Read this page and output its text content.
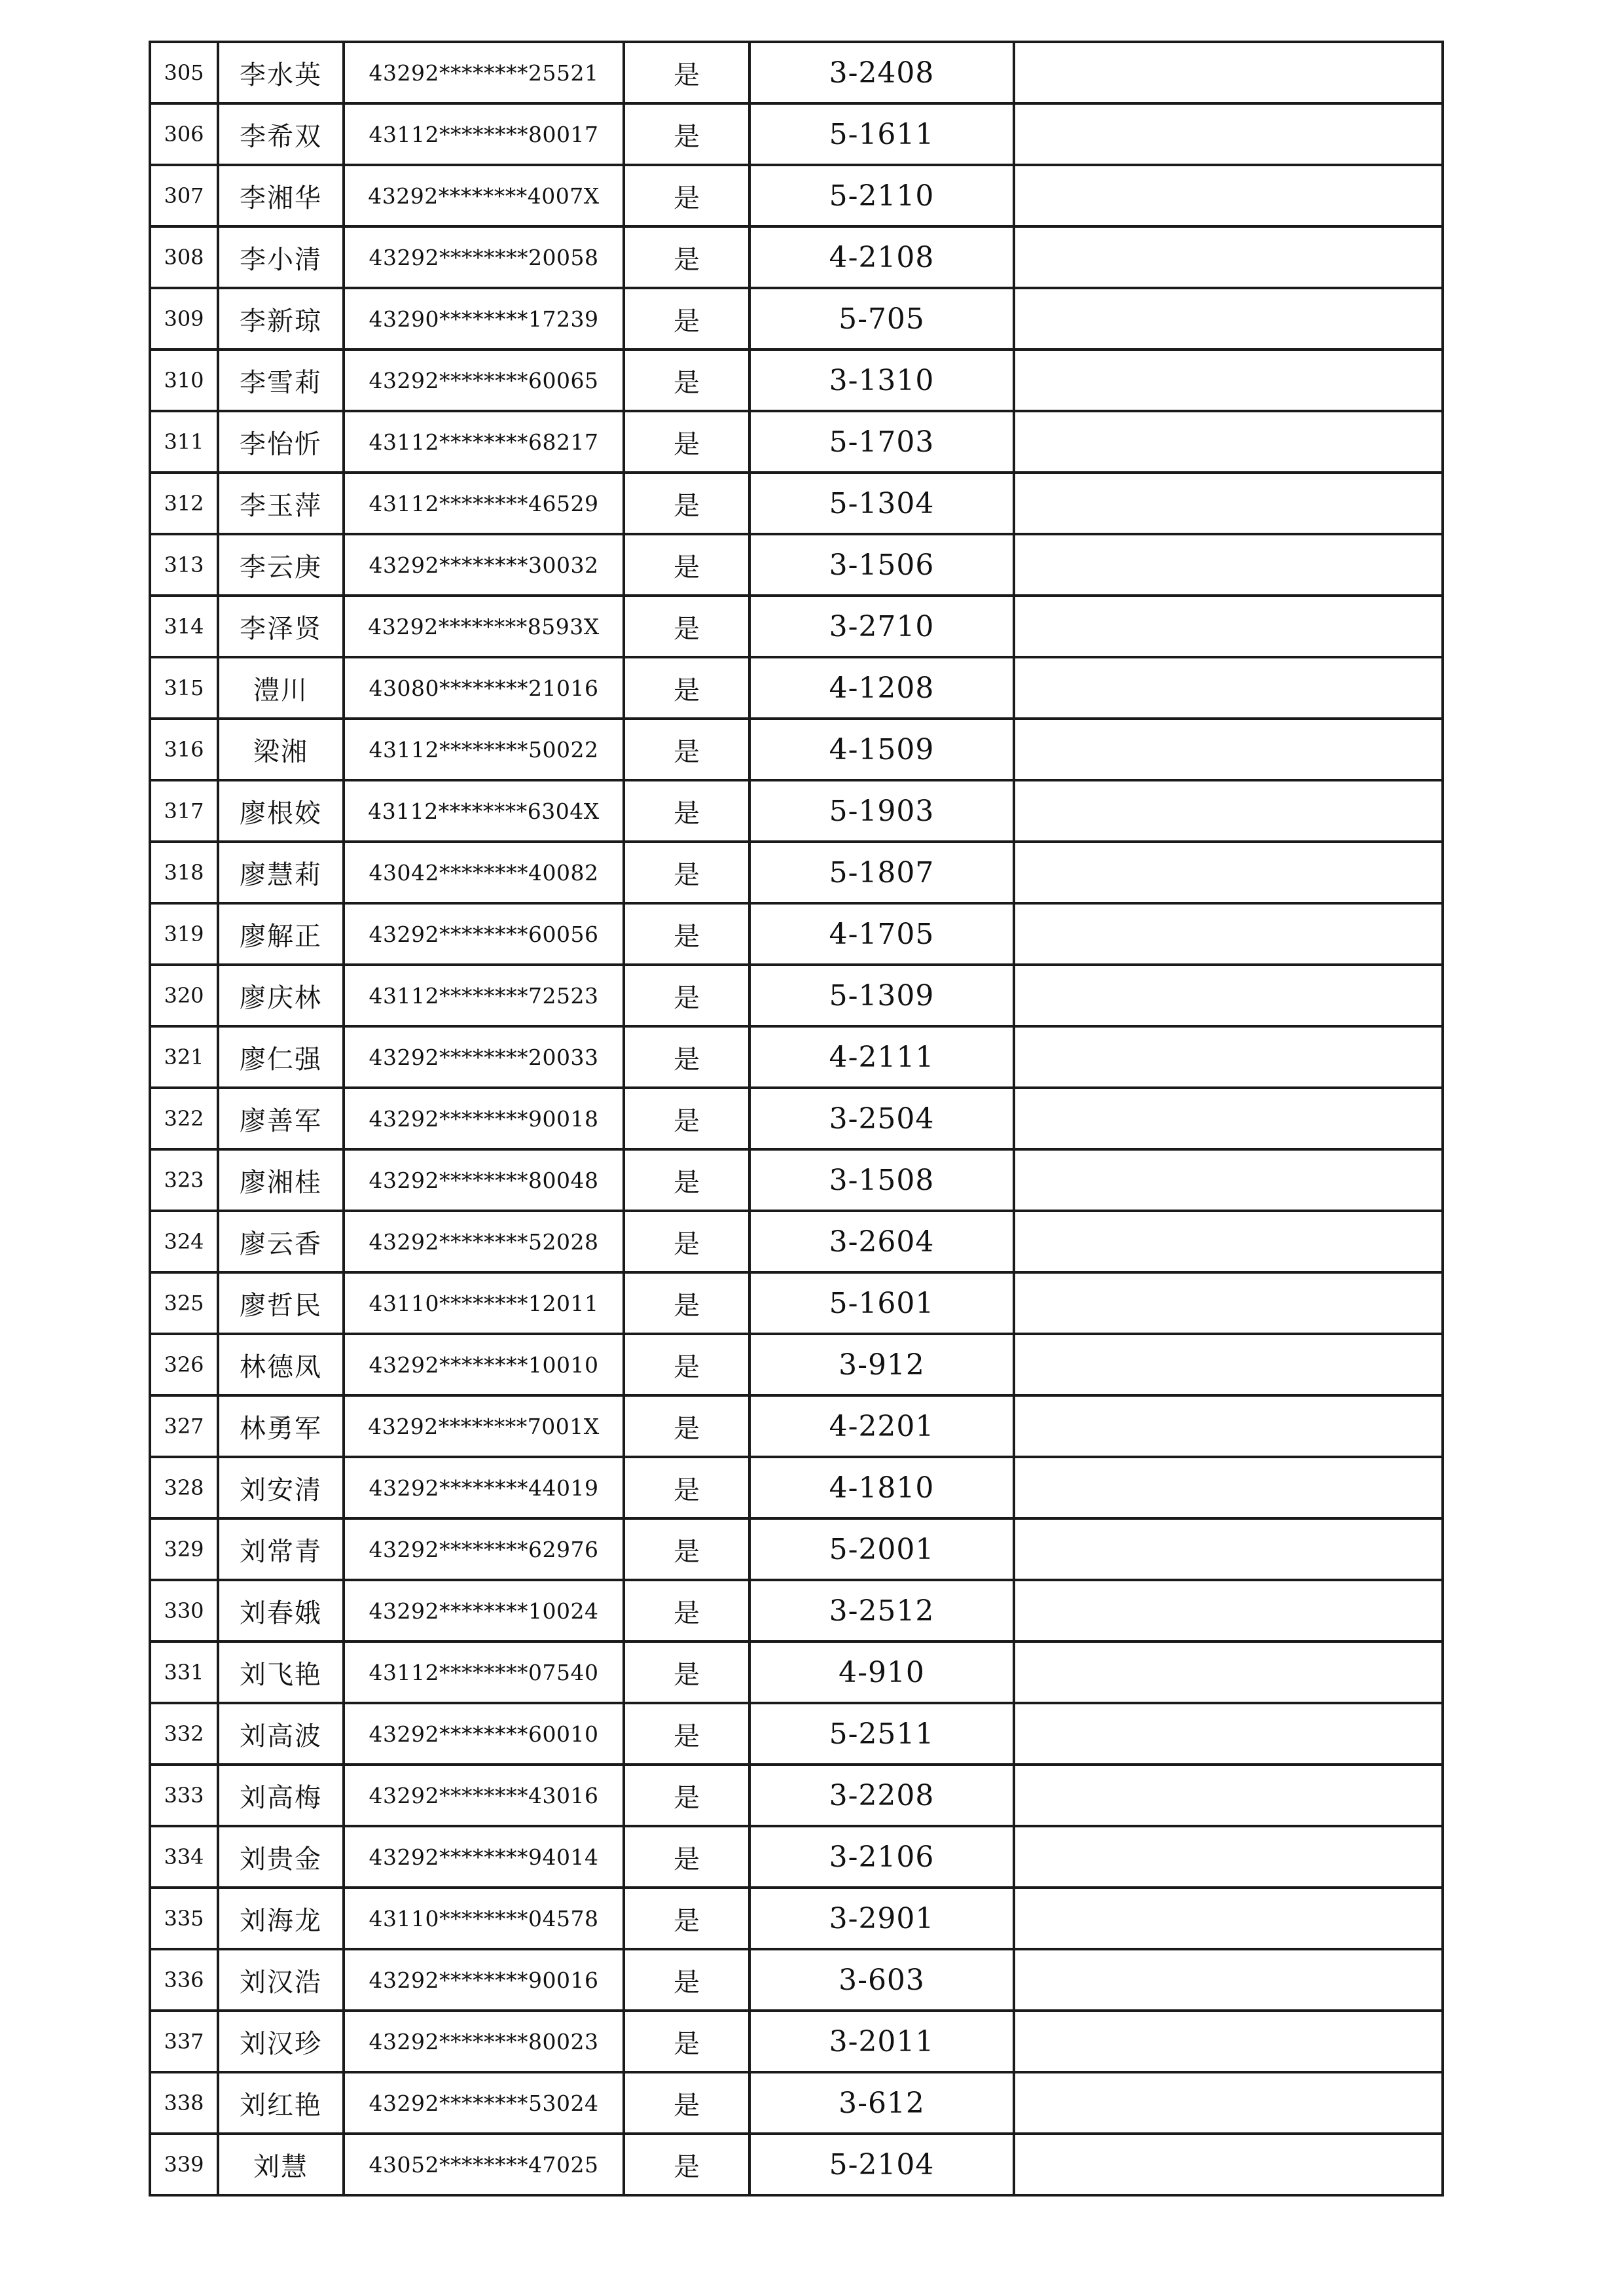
305	李水英	43292********25521	是	3-2408	
306	李希双	43112********80017	是	5-1611	
307	李湘华	43292********4007X	是	5-2110	
308	李小清	43292********20058	是	4-2108	
309	李新琼	43290********17239	是	5-705	
310	李雪莉	43292********60065	是	3-1310	
311	李怡忻	43112********68217	是	5-1703	
312	李玉萍	43112********46529	是	5-1304	
313	李云庚	43292********30032	是	3-1506	
314	李泽贤	43292********8593X	是	3-2710	
315	澧川	43080********21016	是	4-1208	
316	梁湘	43112********50022	是	4-1509	
317	廖根姣	43112********6304X	是	5-1903	
318	廖慧莉	43042********40082	是	5-1807	
319	廖解正	43292********60056	是	4-1705	
320	廖庆林	43112********72523	是	5-1309	
321	廖仁强	43292********20033	是	4-2111	
322	廖善军	43292********90018	是	3-2504	
323	廖湘桂	43292********80048	是	3-1508	
324	廖云香	43292********52028	是	3-2604	
325	廖哲民	43110********12011	是	5-1601	
326	林德凤	43292********10010	是	3-912	
327	林勇军	43292********7001X	是	4-2201	
328	刘安清	43292********44019	是	4-1810	
329	刘常青	43292********62976	是	5-2001	
330	刘春娥	43292********10024	是	3-2512	
331	刘飞艳	43112********07540	是	4-910	
332	刘高波	43292********60010	是	5-2511	
333	刘高梅	43292********43016	是	3-2208	
334	刘贵金	43292********94014	是	3-2106	
335	刘海龙	43110********04578	是	3-2901	
336	刘汉浩	43292********90016	是	3-603	
337	刘汉珍	43292********80023	是	3-2011	
338	刘红艳	43292********53024	是	3-612	
339	刘慧	43052********47025	是	5-2104	
